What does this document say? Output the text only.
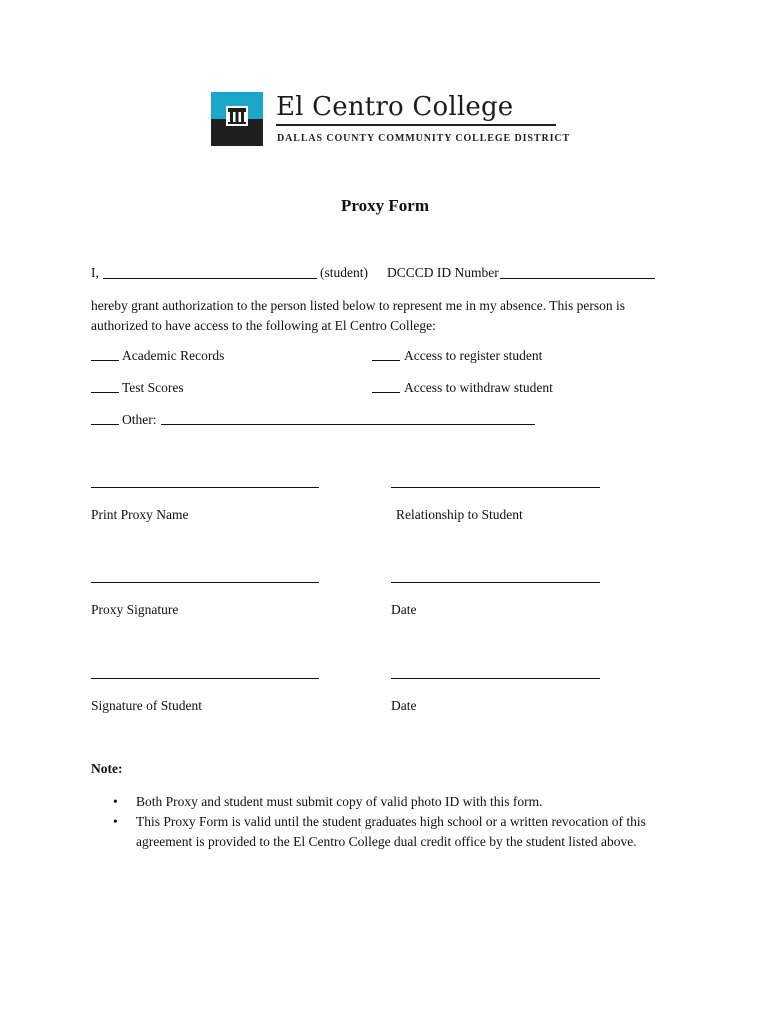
El Centro College
DALLAS COUNTY COMMUNITY COLLEGE DISTRICT
Proxy Form
I,	(student) DCCCD ID Number
hereby grant authorization to the person listed below to represent me in my absence. This person is authorized to have access to the following at El Centro College:
Academic Records	Access to register student
Test Scores	Access to withdraw student
Other:
Print Proxy Name	Relationship to Student
Proxy Signature	Date
Signature of Student	Date
Note:
• Both Proxy and student must submit copy of valid photo ID with this form.
• This Proxy Form is valid until the student graduates high school or a written revocation of this agreement is provided to the El Centro College dual credit office by the student listed above.
